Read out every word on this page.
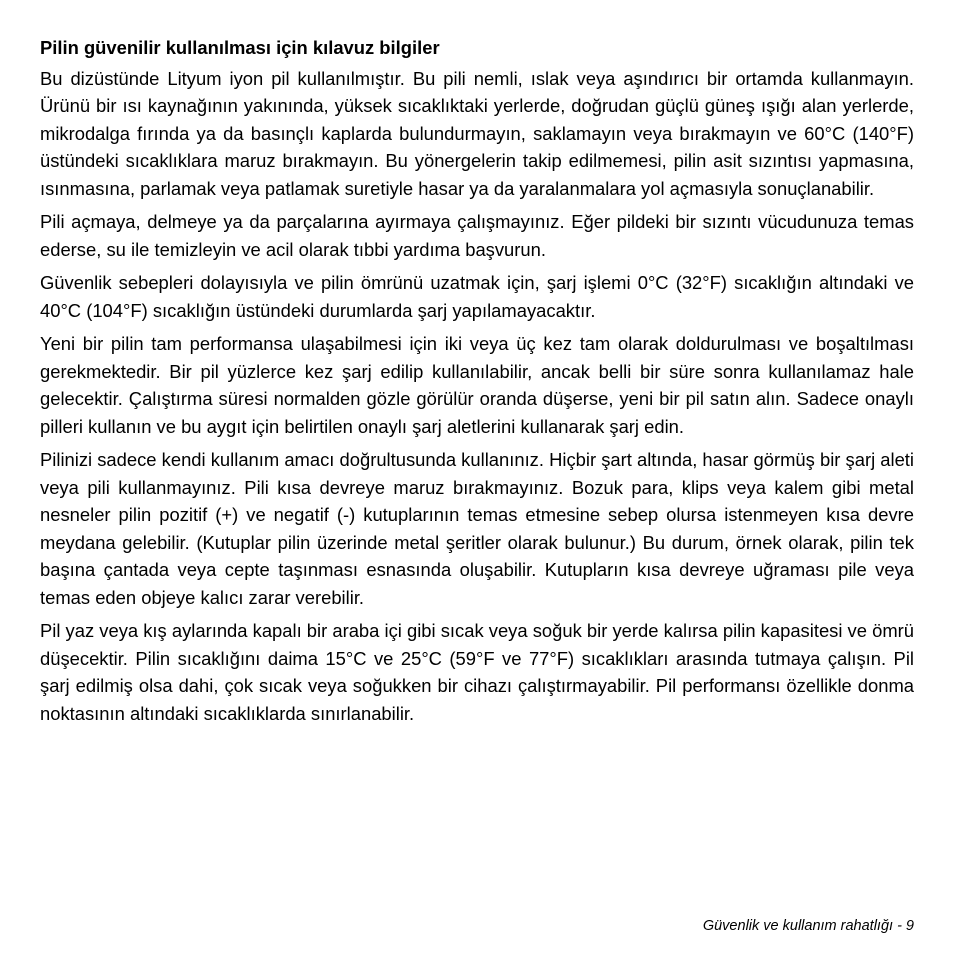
Pilin güvenilir kullanılması için kılavuz bilgiler

Bu dizüstünde Lityum iyon pil kullanılmıştır. Bu pili nemli, ıslak veya aşındırıcı bir ortamda kullanmayın. Ürünü bir ısı kaynağının yakınında, yüksek sıcaklıktaki yerlerde, doğrudan güçlü güneş ışığı alan yerlerde, mikrodalga fırında ya da basınçlı kaplarda bulundurmayın, saklamayın veya bırakmayın ve 60°C (140°F) üstündeki sıcaklıklara maruz bırakmayın. Bu yönergelerin takip edilmemesi, pilin asit sızıntısı yapmasına, ısınmasına, parlamak veya patlamak suretiyle hasar ya da yaralanmalara yol açmasıyla sonuçlanabilir.

Pili açmaya, delmeye ya da parçalarına ayırmaya çalışmayınız. Eğer pildeki bir sızıntı vücudunuza temas ederse, su ile temizleyin ve acil olarak tıbbi yardıma başvurun.

Güvenlik sebepleri dolayısıyla ve pilin ömrünü uzatmak için, şarj işlemi 0°C (32°F) sıcaklığın altındaki ve 40°C (104°F) sıcaklığın üstündeki durumlarda şarj yapılamayacaktır.

Yeni bir pilin tam performansa ulaşabilmesi için iki veya üç kez tam olarak doldurulması ve boşaltılması gerekmektedir. Bir pil yüzlerce kez şarj edilip kullanılabilir, ancak belli bir süre sonra kullanılamaz hale gelecektir. Çalıştırma süresi normalden gözle görülür oranda düşerse, yeni bir pil satın alın. Sadece onaylı pilleri kullanın ve bu aygıt için belirtilen onaylı şarj aletlerini kullanarak şarj edin.

Pilinizi sadece kendi kullanım amacı doğrultusunda kullanınız. Hiçbir şart altında, hasar görmüş bir şarj aleti veya pili kullanmayınız. Pili kısa devreye maruz bırakmayınız. Bozuk para, klips veya kalem gibi metal nesneler pilin pozitif (+) ve negatif (-) kutuplarının temas etmesine sebep olursa istenmeyen kısa devre meydana gelebilir. (Kutuplar pilin üzerinde metal şeritler olarak bulunur.) Bu durum, örnek olarak, pilin tek başına çantada veya cepte taşınması esnasında oluşabilir. Kutupların kısa devreye uğraması pile veya temas eden objeye kalıcı zarar verebilir.

Pil yaz veya kış aylarında kapalı bir araba içi gibi sıcak veya soğuk bir yerde kalırsa pilin kapasitesi ve ömrü düşecektir. Pilin sıcaklığını daima 15°C ve 25°C (59°F ve 77°F) sıcaklıkları arasında tutmaya çalışın. Pil şarj edilmiş olsa dahi, çok sıcak veya soğukken bir cihazı çalıştırmayabilir. Pil performansı özellikle donma noktasının altındaki sıcaklıklarda sınırlanabilir.

Güvenlik ve kullanım rahatlığı - 9
